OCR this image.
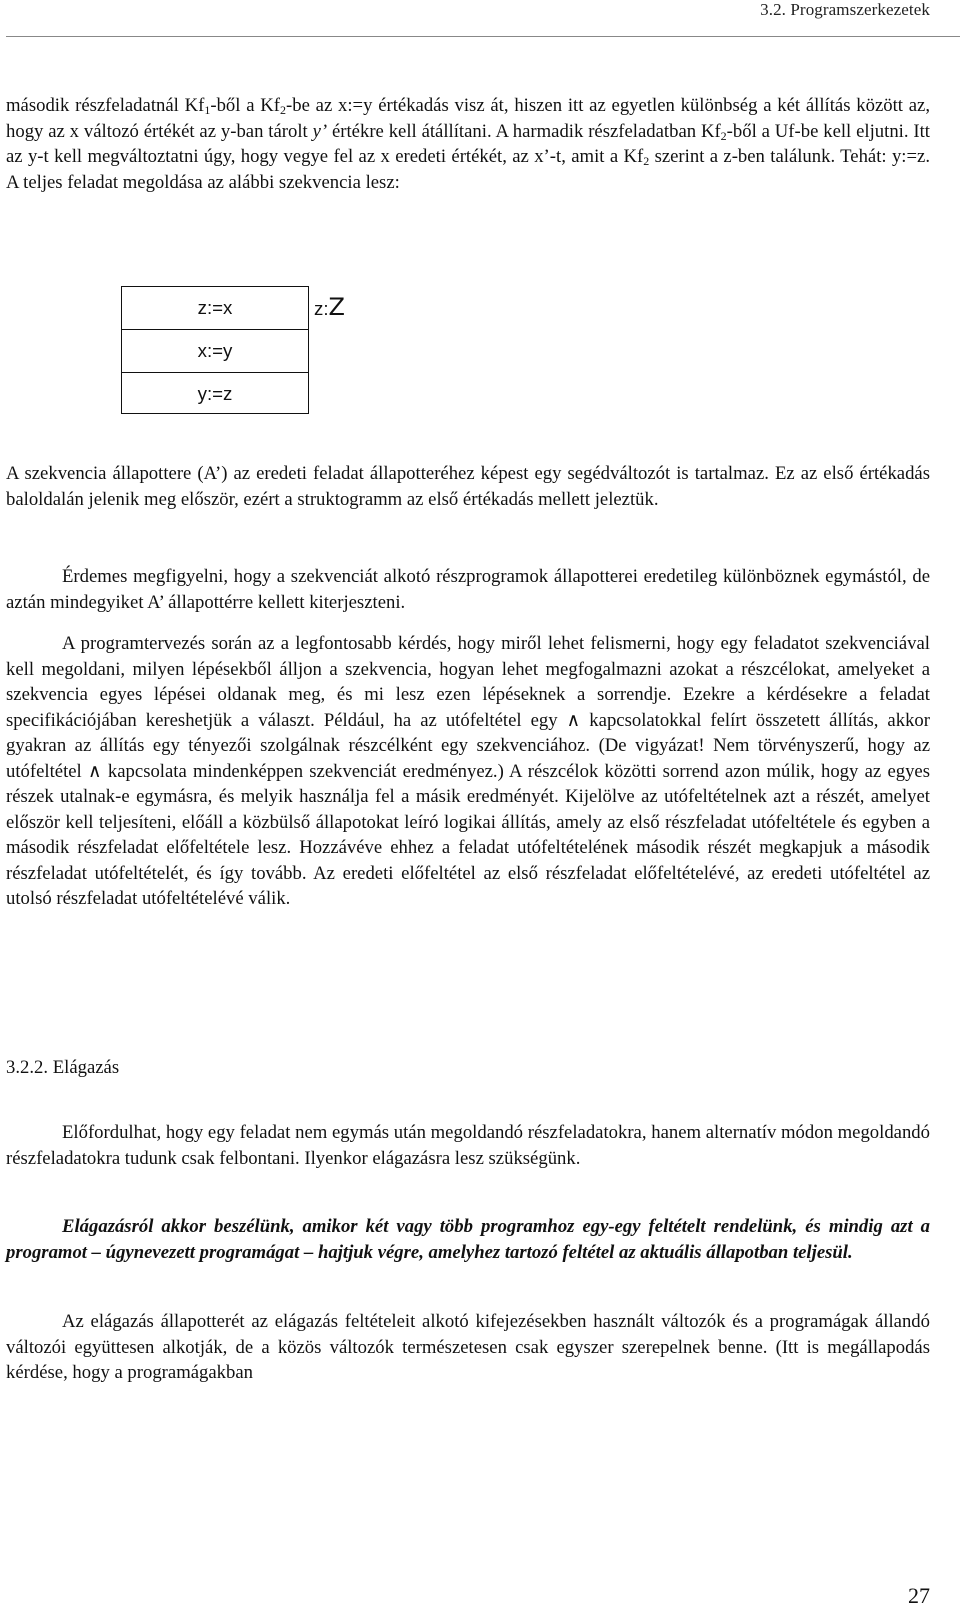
3.2. Programszerkezetek

második részfeladatnál $Kf_1$-ből a $Kf_2-be$ az x:=y értékadás visz át, hiszen itt az egyetlen különbség a két állítás között az, hogy az x változó értékét az y-ban tárolt y’ értékre kell átállítani. A harmadik részfeladatban $Kf_2$-ből a Uf-be kell eljutni. Itt az y-t kell megváltoztatni úgy, hogy vegye fel az x eredeti értékét, az x’-t, amit a $Kf_2$ szerint a z-ben találunk. Tehát: y:=z. A teljes feladat megoldása az alábbi szekvencia lesz:

z:=x
x:=y
y:=z
z:Z

A szekvencia állapottere (A’) az eredeti feladat állapotteréhez képest egy segédváltozót is tartalmaz. Ez az első értékadás baloldalán jelenik meg először, ezért a struktogramm az első értékadás mellett jeleztük.

Érdemes megfigyelni, hogy a szekvenciát alkotó részprogramok állapotterei eredetileg különböznek egymástól, de aztán mindegyiket A’ állapottérre kellett kiterjeszteni.

A programtervezés során az a legfontosabb kérdés, hogy miről lehet felismerni, hogy egy feladatot szekvenciával kell megoldani, milyen lépésekből álljon a szekvencia, hogyan lehet megfogalmazni azokat a részcélokat, amelyeket a szekvencia egyes lépései oldanak meg, és mi lesz ezen lépéseknek a sorrendje. Ezekre a kérdésekre a feladat specifikációjában kereshetjük a választ. Például, ha az utófeltétel egy ∧ kapcsolatokkal felírt összetett állítás, akkor gyakran az állítás egy tényezői szolgálnak részcélként egy szekvenciához. (De vigyázat! Nem törvényszerű, hogy az utófeltétel ∧ kapcsolata mindenképpen szekvenciát eredményez.) A részcélok közötti sorrend azon múlik, hogy az egyes részek utalnak-e egymásra, és melyik használja fel a másik eredményét. Kijelölve az utófeltételnek azt a részét, amelyet először kell teljesíteni, előáll a közbülső állapotokat leíró logikai állítás, amely az első részfeladat utófeltétele és egyben a második részfeladat előfeltétele lesz. Hozzávéve ehhez a feladat utófeltételének második részét megkapjuk a második részfeladat utófeltételét, és így tovább. Az eredeti előfeltétel az első részfeladat előfeltételévé, az eredeti utófeltétel az utolsó részfeladat utófeltételévé válik.

3.2.2. Elágazás

Előfordulhat, hogy egy feladat nem egymás után megoldandó részfeladatokra, hanem alternatív módon megoldandó részfeladatokra tudunk csak felbontani. Ilyenkor elágazásra lesz szükségünk.

Elágazásról akkor beszélünk, amikor két vagy több programhoz egy-egy feltételt rendelünk, és mindig azt a programot – úgynevezett programágat – hajtjuk végre, amelyhez tartozó feltétel az aktuális állapotban teljesül.

Az elágazás állapotterét az elágazás feltételeit alkotó kifejezésekben használt változók és a programágak állandó változói együttesen alkotják, de a közös változók természetesen csak egyszer szerepelnek benne. (Itt is megállapodás kérdése, hogy a programágakban

27
